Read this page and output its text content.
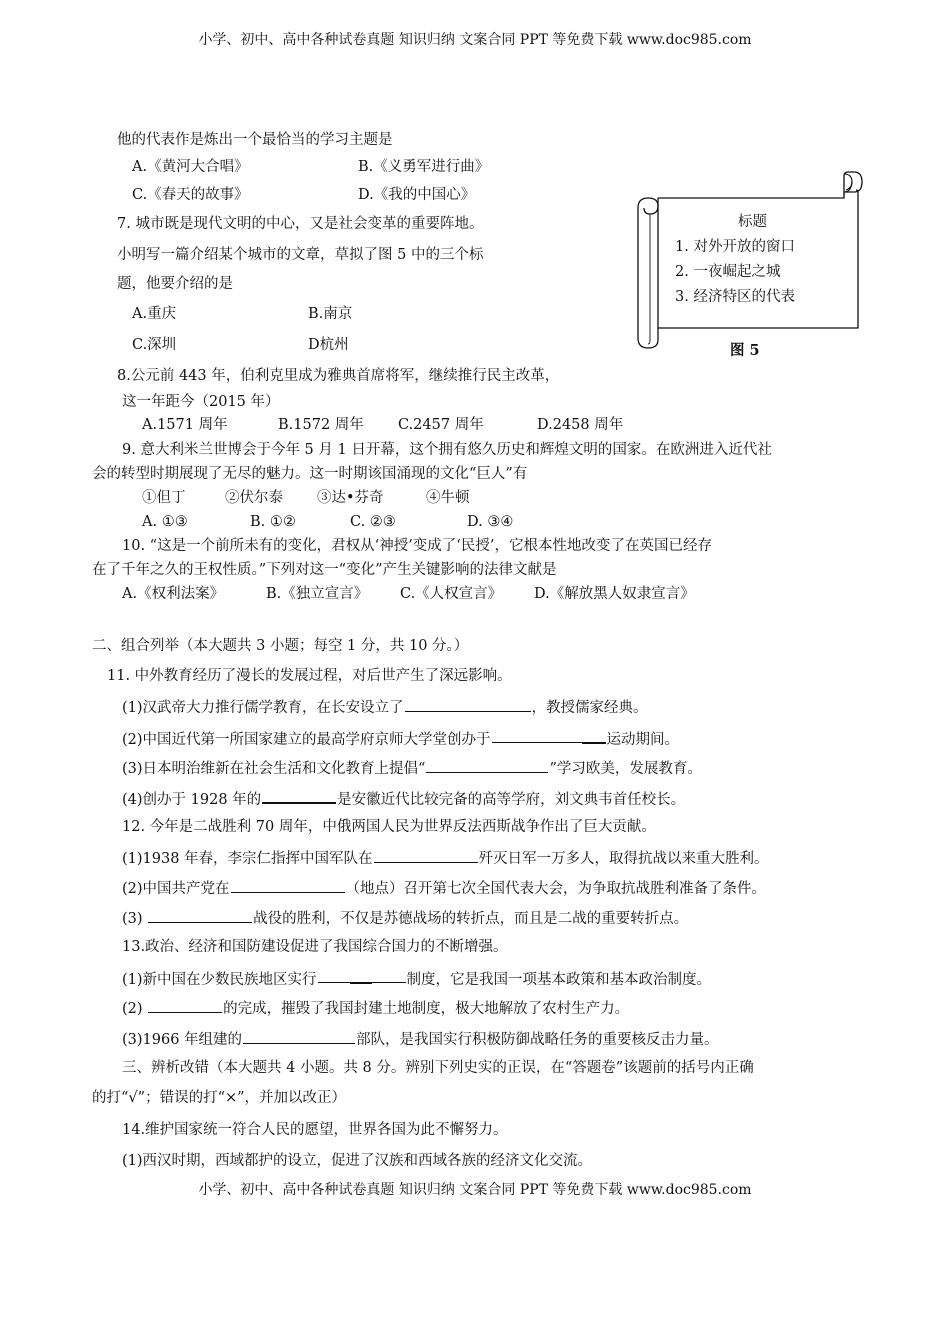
小学、初中、高中各种试卷真题 知识归纳 文案合同 PPT 等免费下载 www.doc985.com
他的代表作是炼出一个最恰当的学习主题是
A.《黄河大合唱》	B.《义勇军进行曲》
C.《春天的故事》	D.《我的中国心》
7. 城市既是现代文明的中心，又是社会变革的重要阵地。
小明写一篇介绍某个城市的文章，草拟了图 5 中的三个标
题，他要介绍的是
A.重庆	B.南京
C.深圳	D杭州
标题
1. 对外开放的窗口
2. 一夜崛起之城
3. 经济特区的代表
图 5
8.公元前 443 年，伯利克里成为雅典首席将军，继续推行民主改革，
这一年距今（2015 年）
A.1571 周年	B.1572 周年 C.2457 周年	D.2458 周年
9. 意大利米兰世博会于今年 5 月 1 日开幕，这个拥有悠久历史和辉煌文明的国家。在欧洲进入近代社
会的转型时期展现了无尽的魅力。这一时期该国涌现的文化“巨人”有
①但丁	②伏尔泰 ③达•芬奇	④牛顿
A. ①③	B. ①②	C. ②③	D. ③④
10. “这是一个前所未有的变化，君权从‘神授’变成了‘民授’，它根本性地改变了在英国已经存
在了千年之久的王权性质。”下列对这一“变化”产生关键影响的法律文献是
A.《权利法案》	B.《独立宣言》 C.《人权宣言》 D.《解放黑人奴隶宣言》
二、组合列举（本大题共 3 小题；每空 1 分，共 10 分。）
11. 中外教育经历了漫长的发展过程，对后世产生了深远影响。
(1)汉武帝大力推行儒学教育，在长安设立了	，教授儒家经典。
(2)中国近代第一所国家建立的最高学府京师大学堂创办于	运动期间。
(3)日本明治维新在社会生活和文化教育上提倡“	”学习欧美，发展教育。
(4)创办于 1928 年的	是安徽近代比较完备的高等学府，刘文典韦首任校长。
12. 今年是二战胜利 70 周年，中俄两国人民为世界反法西斯战争作出了巨大贡献。
(1)1938 年春，李宗仁指挥中国军队在	歼灭日军一万多人，取得抗战以来重大胜利。
(2)中国共产党在	（地点）召开第七次全国代表大会，为争取抗战胜利准备了条件。
(3)	战役的胜利，不仅是苏德战场的转折点，而且是二战的重要转折点。
13.政治、经济和国防建设促进了我国综合国力的不断增强。
(1)新中国在少数民族地区实行	制度，它是我国一项基本政策和基本政治制度。
(2)	的完成，摧毁了我国封建土地制度，极大地解放了农村生产力。
(3)1966 年组建的	部队，是我国实行积极防御战略任务的重要核反击力量。
三、辨析改错（本大题共 4 小题。共 8 分。辨别下列史实的正误，在“答题卷”该题前的括号内正确
的打“√”；错误的打“×”，并加以改正）
14.维护国家统一符合人民的愿望，世界各国为此不懈努力。
(1)西汉时期，西域都护的设立，促进了汉族和西域各族的经济文化交流。
小学、初中、高中各种试卷真题 知识归纳 文案合同 PPT 等免费下载 www.doc985.com
